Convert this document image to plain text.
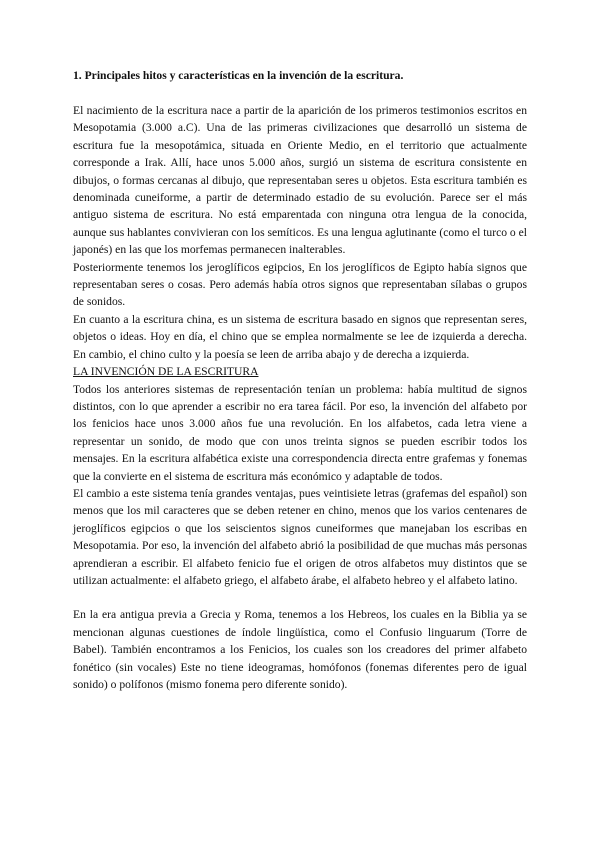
1. Principales hitos y características en la invención de la escritura.

El nacimiento de la escritura nace a partir de la aparición de los primeros testimonios escritos en Mesopotamia (3.000 a.C). Una de las primeras civilizaciones que desarrolló un sistema de escritura fue la mesopotámica, situada en Oriente Medio, en el territorio que actualmente corresponde a Irak. Allí, hace unos 5.000 años, surgió un sistema de escritura consistente en dibujos, o formas cercanas al dibujo, que representaban seres u objetos. Esta escritura también es denominada cuneiforme, a partir de determinado estadio de su evolución. Parece ser el más antiguo sistema de escritura. No está emparentada con ninguna otra lengua de la conocida, aunque sus hablantes convivieran con los semíticos. Es una lengua aglutinante (como el turco o el japonés) en las que los morfemas permanecen inalterables.

Posteriormente tenemos los jeroglíficos egipcios, En los jeroglíficos de Egipto había signos que representaban seres o cosas. Pero además había otros signos que representaban sílabas o grupos de sonidos.

En cuanto a la escritura china, es un sistema de escritura basado en signos que representan seres, objetos o ideas. Hoy en día, el chino que se emplea normalmente se lee de izquierda a derecha. En cambio, el chino culto y la poesía se leen de arriba abajo y de derecha a izquierda.

LA INVENCIÓN DE LA ESCRITURA

Todos los anteriores sistemas de representación tenían un problema: había multitud de signos distintos, con lo que aprender a escribir no era tarea fácil. Por eso, la invención del alfabeto por los fenicios hace unos 3.000 años fue una revolución. En los alfabetos, cada letra viene a representar un sonido, de modo que con unos treinta signos se pueden escribir todos los mensajes. En la escritura alfabética existe una correspondencia directa entre grafemas y fonemas que la convierte en el sistema de escritura más económico y adaptable de todos.

El cambio a este sistema tenía grandes ventajas, pues veintisiete letras (grafemas del español) son menos que los mil caracteres que se deben retener en chino, menos que los varios centenares de jeroglíficos egipcios o que los seiscientos signos cuneiformes que manejaban los escribas en Mesopotamia. Por eso, la invención del alfabeto abrió la posibilidad de que muchas más personas aprendieran a escribir. El alfabeto fenicio fue el origen de otros alfabetos muy distintos que se utilizan actualmente: el alfabeto griego, el alfabeto árabe, el alfabeto hebreo y el alfabeto latino.

En la era antigua previa a Grecia y Roma, tenemos a los Hebreos, los cuales en la Biblia ya se mencionan algunas cuestiones de índole lingüística, como el Confusio linguarum (Torre de Babel). También encontramos a los Fenicios, los cuales son los creadores del primer alfabeto fonético (sin vocales) Este no tiene ideogramas, homófonos (fonemas diferentes pero de igual sonido) o polífonos (mismo fonema pero diferente sonido).
